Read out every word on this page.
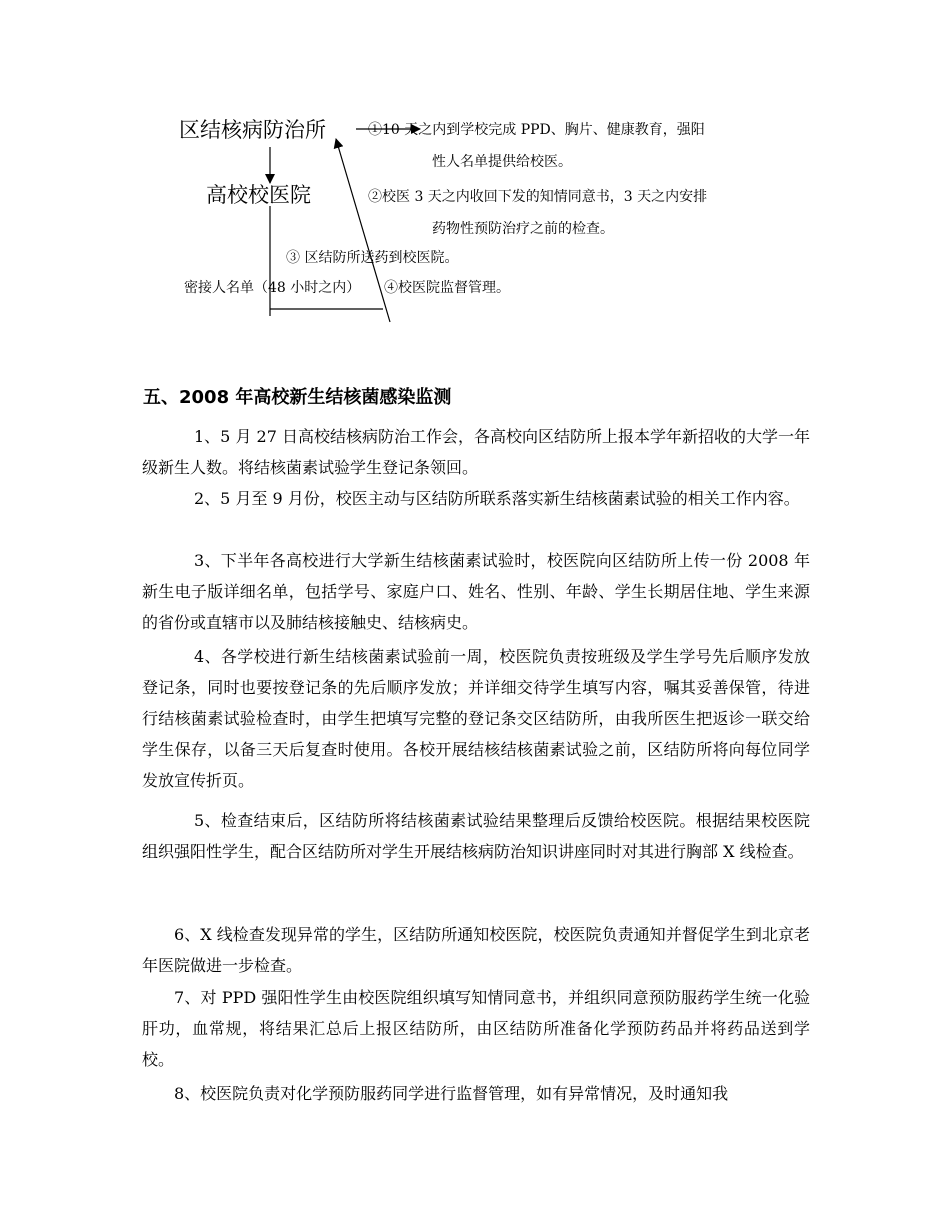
区结核病防治所
高校校医院
①10 天之内到学校完成 PPD、胸片、健康教育，强阳
性人名单提供给校医。
②校医 3 天之内收回下发的知情同意书，3 天之内安排
药物性预防治疗之前的检查。
③ 区结防所送药到校医院。
密接人名单（48 小时之内） ④校医院监督管理。
五、2008 年高校新生结核菌感染监测

1、5 月 27 日高校结核病防治工作会，各高校向区结防所上报本学年新招收的大学一年级新生人数。将结核菌素试验学生登记条领回。

2、5 月至 9 月份，校医主动与区结防所联系落实新生结核菌素试验的相关工作内容。

3、下半年各高校进行大学新生结核菌素试验时，校医院向区结防所上传一份 2008 年新生电子版详细名单，包括学号、家庭户口、姓名、性别、年龄、学生长期居住地、学生来源的省份或直辖市以及肺结核接触史、结核病史。

4、各学校进行新生结核菌素试验前一周，校医院负责按班级及学生学号先后顺序发放登记条，同时也要按登记条的先后顺序发放；并详细交待学生填写内容，嘱其妥善保管，待进行结核菌素试验检查时，由学生把填写完整的登记条交区结防所，由我所医生把返诊一联交给学生保存，以备三天后复查时使用。各校开展结核结核菌素试验之前，区结防所将向每位同学发放宣传折页。

5、检查结束后，区结防所将结核菌素试验结果整理后反馈给校医院。根据结果校医院组织强阳性学生，配合区结防所对学生开展结核病防治知识讲座同时对其进行胸部 X 线检查。

6、X 线检查发现异常的学生，区结防所通知校医院，校医院负责通知并督促学生到北京老年医院做进一步检查。

7、对 PPD 强阳性学生由校医院组织填写知情同意书，并组织同意预防服药学生统一化验肝功，血常规，将结果汇总后上报区结防所，由区结防所准备化学预防药品并将药品送到学校。

8、校医院负责对化学预防服药同学进行监督管理，如有异常情况，及时通知我
